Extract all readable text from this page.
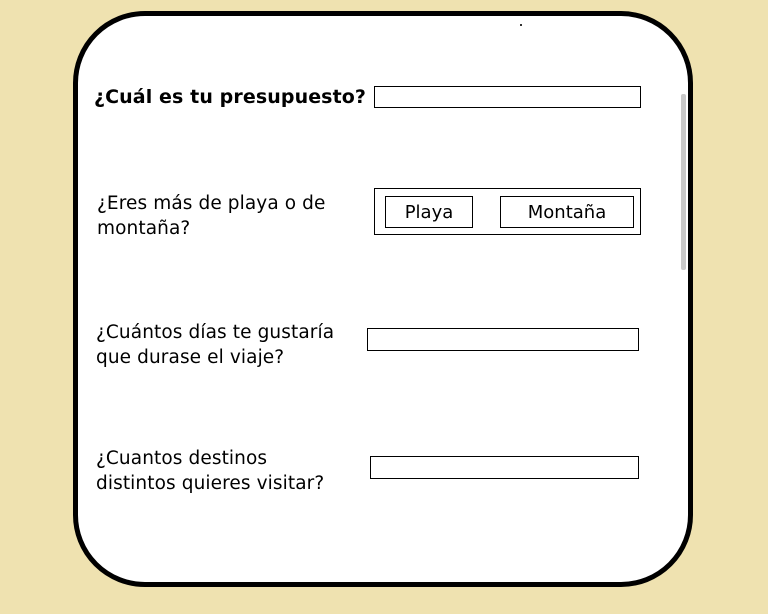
¿Cuál es tu presupuesto?
¿Eres más de playa o de
montaña?
Playa	Montaña
¿Cuántos días te gustaría
que durase el viaje?
¿Cuantos destinos
distintos quieres visitar?
